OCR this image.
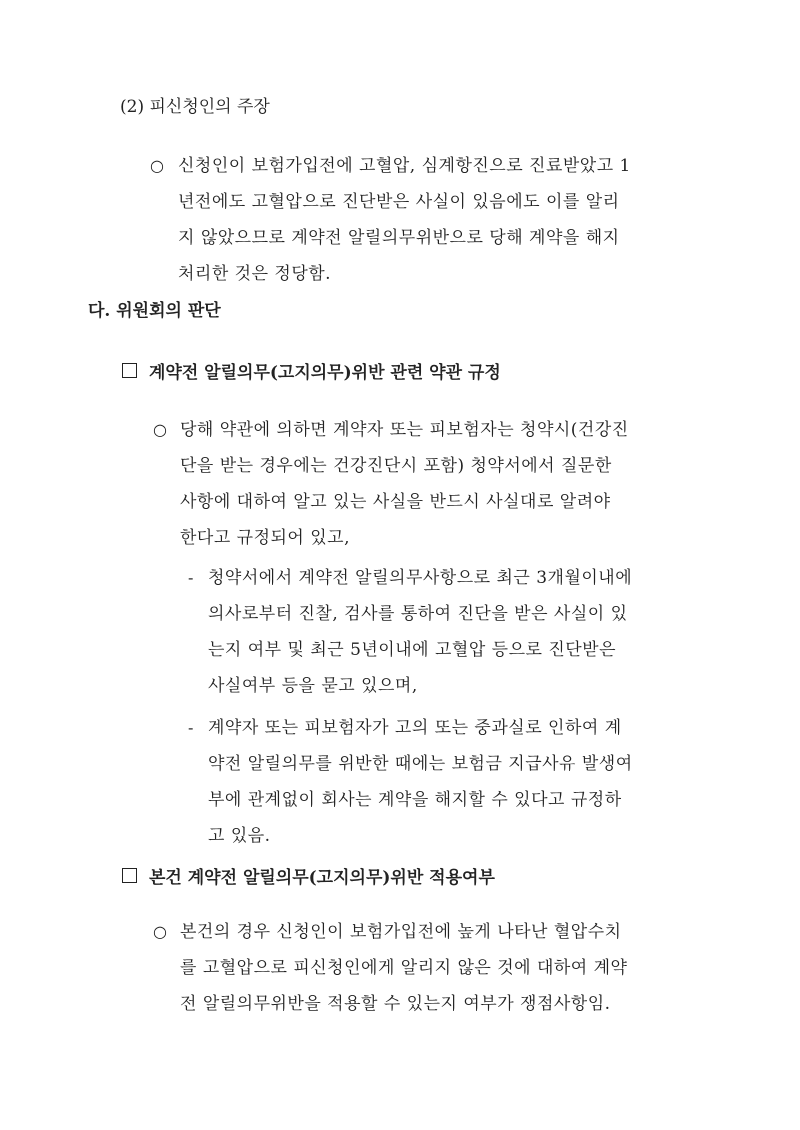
(2) 피신청인의 주장
○ 신청인이 보험가입전에 고혈압, 심계항진으로 진료받았고 1
년전에도 고혈압으로 진단받은 사실이 있음에도 이를 알리
지 않았으므로 계약전 알릴의무위반으로 당해 계약을 해지
처리한 것은 정당함.
다. 위원회의 판단
계약전 알릴의무(고지의무)위반 관련 약관 규정
○ 당해 약관에 의하면 계약자 또는 피보험자는 청약시(건강진
단을 받는 경우에는 건강진단시 포함) 청약서에서 질문한
사항에 대하여 알고 있는 사실을 반드시 사실대로 알려야
한다고 규정되어 있고,
- 청약서에서 계약전 알릴의무사항으로 최근 3개월이내에
의사로부터 진찰, 검사를 통하여 진단을 받은 사실이 있
는지 여부 및 최근 5년이내에 고혈압 등으로 진단받은
사실여부 등을 묻고 있으며,
- 계약자 또는 피보험자가 고의 또는 중과실로 인하여 계
약전 알릴의무를 위반한 때에는 보험금 지급사유 발생여
부에 관계없이 회사는 계약을 해지할 수 있다고 규정하
고 있음.
본건 계약전 알릴의무(고지의무)위반 적용여부
○ 본건의 경우 신청인이 보험가입전에 높게 나타난 혈압수치
를 고혈압으로 피신청인에게 알리지 않은 것에 대하여 계약
전 알릴의무위반을 적용할 수 있는지 여부가 쟁점사항임.
